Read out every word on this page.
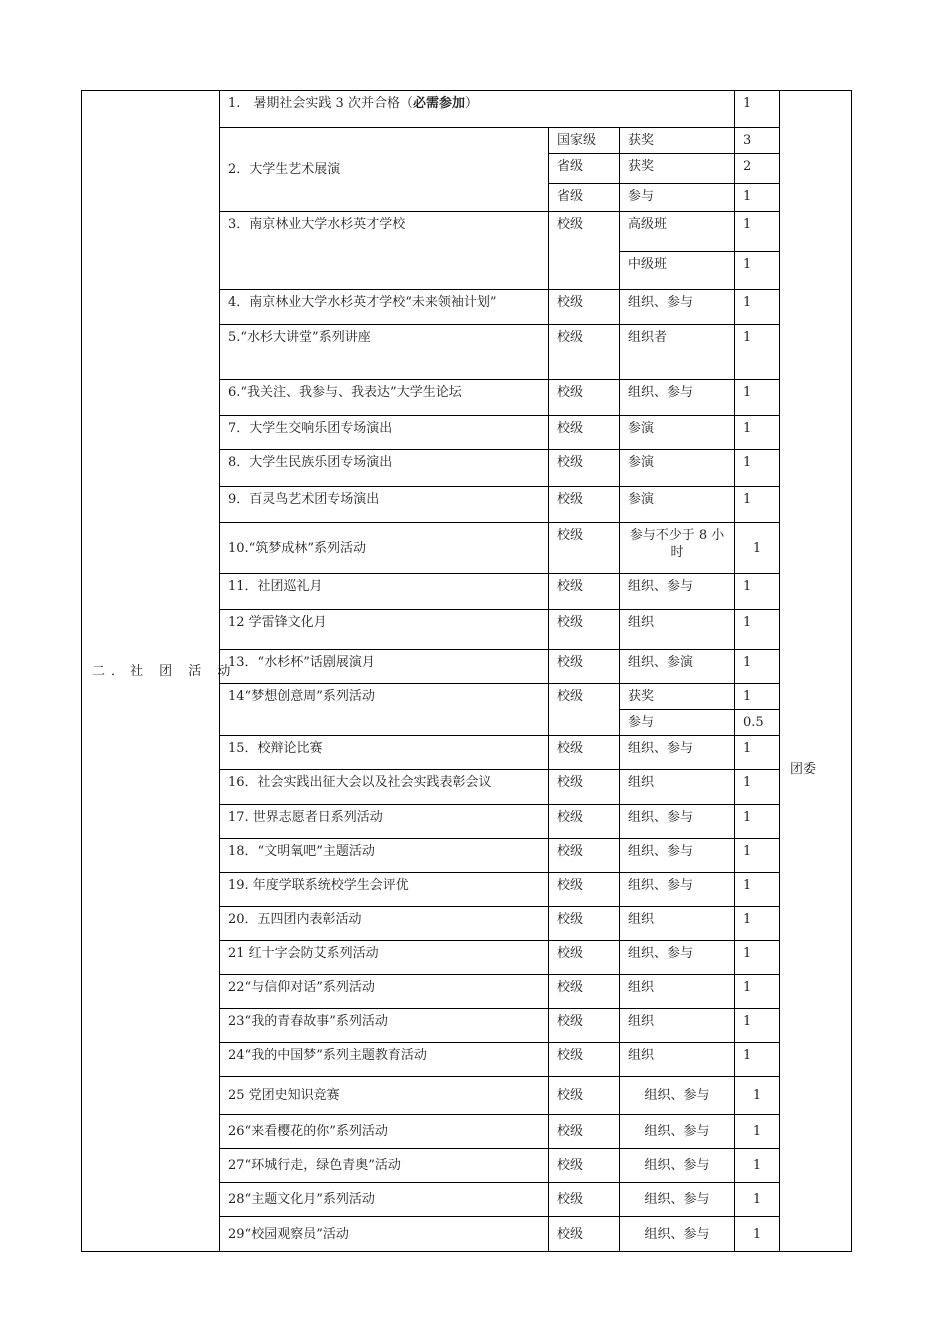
二．社 团 活 动	1.　暑期社会实践 3 次并合格（必需参加）			1	团委

	2．大学生艺术展演	国家级	获奖	3	
		省级	获奖	2	
		省级	参与	1	
	3．南京林业大学水杉英才学校	校级	高级班	1	
			中级班	1	
	4．南京林业大学水杉英才学校“未来领袖计划”	校级	组织、参与	1	
	5.“水杉大讲堂”系列讲座	校级	组织者	1	
	6.“我关注、我参与、我表达”大学生论坛	校级	组织、参与	1	
	7．大学生交响乐团专场演出	校级	参演	1	
	8．大学生民族乐团专场演出	校级	参演	1	
	9．百灵鸟艺术团专场演出	校级	参演	1	
	10.“筑梦成林”系列活动	校级	参与不少于 8 小时	1	
	11．社团巡礼月	校级	组织、参与	1	
	12 学雷锋文化月	校级	组织	1	
	13．“水杉杯”话剧展演月	校级	组织、参演	1	
	14“梦想创意周”系列活动	校级	获奖	1	
			参与	0.5	
	15．校辩论比赛	校级	组织、参与	1	
	16．社会实践出征大会以及社会实践表彰会议	校级	组织	1	
	17. 世界志愿者日系列活动	校级	组织、参与	1	
	18．“文明氧吧”主题活动	校级	组织、参与	1	
	19. 年度学联系统校学生会评优	校级	组织、参与	1	
	20．五四团内表彰活动	校级	组织	1	
	21 红十字会防艾系列活动	校级	组织、参与	1	
	22“与信仰对话”系列活动	校级	组织	1	
	23“我的青春故事”系列活动	校级	组织	1	
	24“我的中国梦”系列主题教育活动	校级	组织	1	
	25 党团史知识竞赛	校级	组织、参与	1	
	26“来看樱花的你”系列活动	校级	组织、参与	1	
	27“环城行走，绿色青奥”活动	校级	组织、参与	1	
	28“主题文化月”系列活动	校级	组织、参与	1	
	29“校园观察员”活动	校级	组织、参与	1	
